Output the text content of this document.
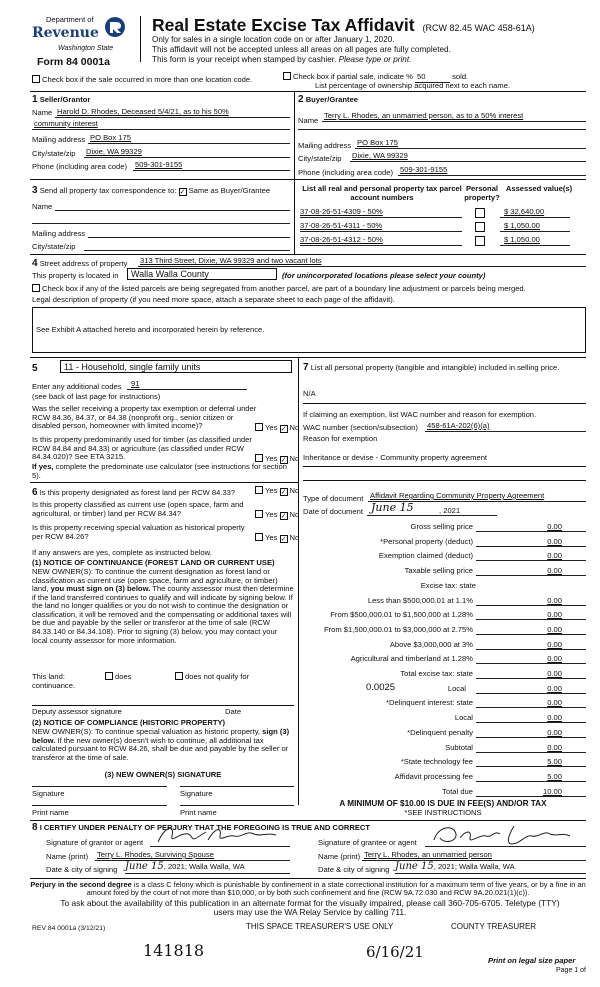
Department of
Revenue
Washington State
Form 84 0001a
Real Estate Excise Tax Affidavit (RCW 82.45 WAC 458-61A)
Only for sales in a single location code on or after January 1, 2020.
This affidavit will not be accepted unless all areas on all pages are fully completed.
This form is your receipt when stamped by cashier. Please type or print.
Check box if the sale occurred in more than one location code.	Check box if partial sale, indicate % 50	sold.
List percentage of ownership acquired next to each name.
1 Seller/Grantor
Name Harold D. Rhodes, Deceased 5/4/21, as to his 50%
community interest
Mailing address PO Box 175
City/state/zip Dixie, WA 99329
Phone (including area code) 509-301-9155
2 Buyer/Grantee
Name
Terry L. Rhodes, an unmarried person, as to a 50% interest
Mailing address PO Box 175
City/state/zip Dixie, WA 99329
Phone (including area code) 509-301-9155
3 Send all property tax correspondence to: ✓ Same as Buyer/Grantee
Name
Mailing address
City/state/zip
List all real and personal property tax parcel account numbers
Personal property?
Assessed value(s)
37-08-26-51-4309 - 50%	$ 32,640.00
37-08-26-51-4311 - 50%	$ 1,050.00
37-08-26-51-4312 - 50%	$ 1,050.00
4 Street address of property 313 Third Street, Dixie, WA 99329 and two vacant lots
This property is located in	Walla Walla County	(for unincorporated locations please select your county)
Check box if any of the listed parcels are being segregated from another parcel, are part of a boundary line adjustment or parcels being merged.
Legal description of property (if you need more space, attach a separate sheet to each page of the affidavit).
See Exhibit A attached hereto and incorporated herein by reference.
5	11 - Household, single family units
Enter any additional codes	91
(see back of last page for instructions)
Was the seller receiving a property tax exemption or deferral under RCW 84.36, 84.37, or 84.38 (nonprofit org., senior citizen or disabled person, homeowner with limited income)?	Yes ✓ No
Is this property predominantly used for timber (as classified under RCW 84.84 and 84.33) or agriculture (as classified under RCW 84.34.020)? See ETA 3215.	Yes ✓ No
If yes, complete the predominate use calculator (see instructions for section 5).
6 Is this property designated as forest land per RCW 84.33?	Yes ✓ No
Is this property classified as current use (open space, farm and agricultural, or timber) land per RCW 84.34?	Yes ✓ No
Is this property receiving special valuation as historical property per RCW 84.26?	Yes ✓ No
If any answers are yes, complete as instructed below.
(1) NOTICE OF CONTINUANCE (FOREST LAND OR CURRENT USE)
NEW OWNER(S): To continue the current designation as forest land or classification as current use (open space, farm and agriculture, or timber) land, you must sign on (3) below. The county assessor must then determine if the land transferred continues to qualify and will indicate by signing below. If the land no longer qualifies or you do not wish to continue the designation or classification, it will be removed and the compensating or additional taxes will be due and payable by the seller or transferor at the time of sale (RCW 84.33.140 or 84.34.108). Prior to signing (3) below, you may contact your local county assessor for more information.
This land:	does	does not qualify for
continuance.
Deputy assessor signature	Date
(2) NOTICE OF COMPLIANCE (HISTORIC PROPERTY)
NEW OWNER(S): To continue special valuation as historic property, sign (3) below. If the new owner(s) doesn't wish to continue, all additional tax calculated pursuant to RCW 84.26, shall be due and payable by the seller or transferor at the time of sale.
(3) NEW OWNER(S) SIGNATURE
Signature	Signature
Print name	Print name
7 List all personal property (tangible and intangible) included in selling price.
N/A
If claiming an exemption, list WAC number and reason for exemption.
WAC number (section/subsection) 458-61A-202(6)(a)
Reason for exemption
Inheritance or devise - Community property agreement
Type of document Affidavit Regarding Community Property Agreement
Date of document June 15	, 2021
Gross selling price	0.00
*Personal property (deduct)	0.00
Exemption claimed (deduct)	0.00
Taxable selling price	0.00
Excise tax: state
Less than $500,000.01 at 1.1%	0.00
From $500,000.01 to $1,500,000 at 1.28%	0.00
From $1,500,000.01 to $3,000,000 at 2.75%	0.00
Above $3,000,000 at 3%	0.00
Agricultural and timberland at 1.28%	0.00
Total excise tax: state	0.00
Local
0.0025	0.00
*Delinquent interest: state	0.00
Local	0.00
*Delinquent penalty	0.00
Subtotal	0.00
*State technology fee	5.00
Affidavit processing fee	5.00
Total due	10.00
A MINIMUM OF $10.00 IS DUE IN FEE(S) AND/OR TAX
*SEE INSTRUCTIONS
8 I CERTIFY UNDER PENALTY OF PERJURY THAT THE FOREGOING IS TRUE AND CORRECT
Signature of grantor or agent
Name (print) Terry L. Rhodes, Surviving Spouse
Date & city of signing June 15, 2021; Walla Walla, WA
Signature of grantee or agent
Name (print) Terry L. Rhodes, an unmarried person
Date & city of signing June 15, 2021; Walla Walla, WA
Perjury in the second degree is a class C felony which is punishable by confinement in a state correctional institution for a maximum term of five years, or by a fine in an amount fixed by the court of not more than $10,000, or by both such confinement and fine (RCW 9A.72.030 and RCW 9A.20.021(1)(c)).
To ask about the availability of this publication in an alternate format for the visually impaired, please call 360-705-6705. Teletype (TTY) users may use the WA Relay Service by calling 711.
REV 84 0001a (3/12/21)	THIS SPACE TREASURER'S USE ONLY	COUNTY TREASURER
141818	6/16/21	Print on legal size paper
Page 1 of
